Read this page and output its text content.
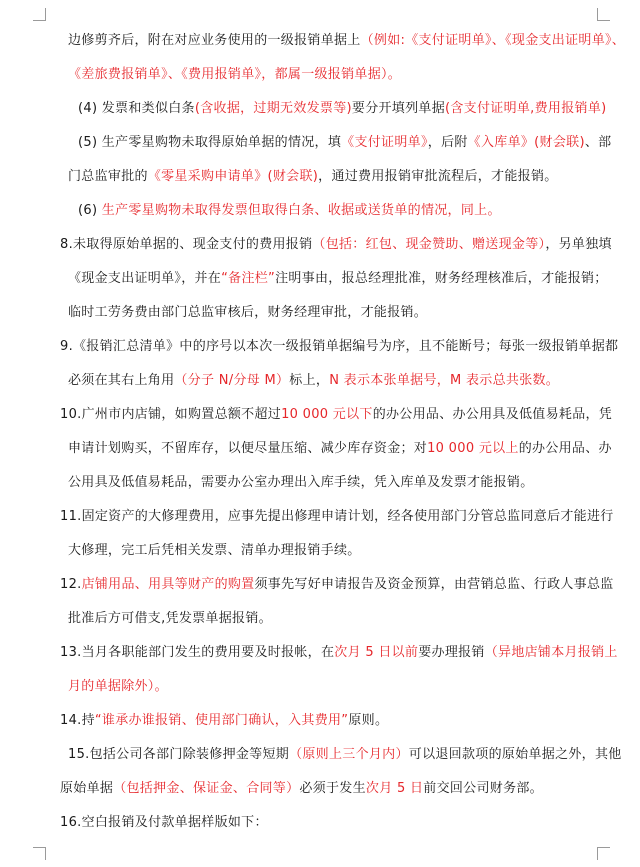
边修剪齐后，附在对应业务使用的一级报销单据上（例如:《支付证明单》、《现金支出证明单》、
《差旅费报销单》、《费用报销单》，都属一级报销单据）。
(4) 发票和类似白条(含收据，过期无效发票等)要分开填列单据(含支付证明单,费用报销单)
(5) 生产零星购物未取得原始单据的情况，填《支付证明单》，后附《入库单》(财会联)、部
门总监审批的《零星采购申请单》(财会联)，通过费用报销审批流程后，才能报销。
(6) 生产零星购物未取得发票但取得白条、收据或送货单的情况，同上。
8.未取得原始单据的、现金支付的费用报销（包括：红包、现金赞助、赠送现金等），另单独填
《现金支出证明单》，并在“备注栏”注明事由，报总经理批准，财务经理核准后，才能报销；
临时工劳务费由部门总监审核后，财务经理审批，才能报销。
9.《报销汇总清单》中的序号以本次一级报销单据编号为序，且不能断号；每张一级报销单据都
必须在其右上角用（分子 N/分母 M）标上，N 表示本张单据号，M 表示总共张数。
10.广州市内店铺，如购置总额不超过10 000 元以下的办公用品、办公用具及低值易耗品，凭
申请计划购买，不留库存，以便尽量压缩、减少库存资金；对10 000 元以上的办公用品、办
公用具及低值易耗品，需要办公室办理出入库手续，凭入库单及发票才能报销。
11.固定资产的大修理费用，应事先提出修理申请计划，经各使用部门分管总监同意后才能进行
大修理，完工后凭相关发票、清单办理报销手续。
12.店铺用品、用具等财产的购置须事先写好申请报告及资金预算，由营销总监、行政人事总监
批准后方可借支,凭发票单据报销。
13.当月各职能部门发生的费用要及时报帐，在次月 5 日以前要办理报销（异地店铺本月报销上
月的单据除外）。
14.持“谁承办谁报销、使用部门确认，入其费用”原则。
15.包括公司各部门除装修押金等短期（原则上三个月内）可以退回款项的原始单据之外，其他
原始单据（包括押金、保证金、合同等）必须于发生次月 5 日前交回公司财务部。
16.空白报销及付款单据样版如下：
